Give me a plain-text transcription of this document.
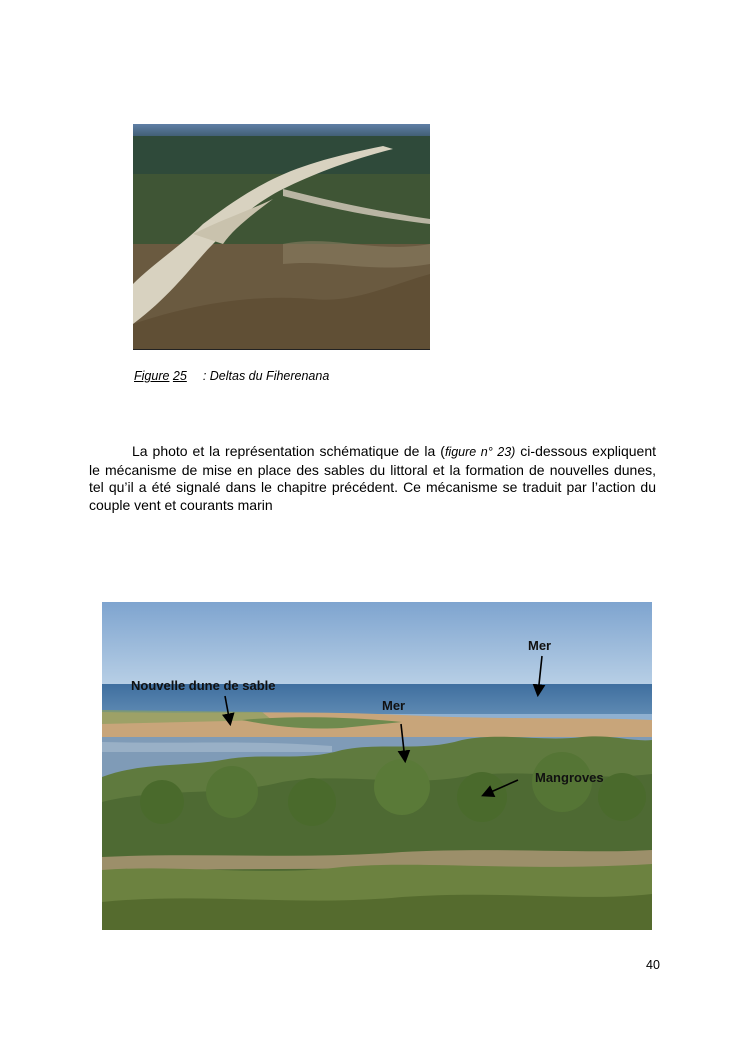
Figure 25 : Deltas du Fiherenana
La photo et la représentation schématique de la (figure n° 23) ci-dessous expliquent le mécanisme de mise en place des sables du littoral et la formation de nouvelles dunes, tel qu’il a été signalé dans le chapitre précédent. Ce mécanisme se traduit par l’action du couple vent et courants marin
Mer
Nouvelle dune de sable
Mer
Mangroves
40
